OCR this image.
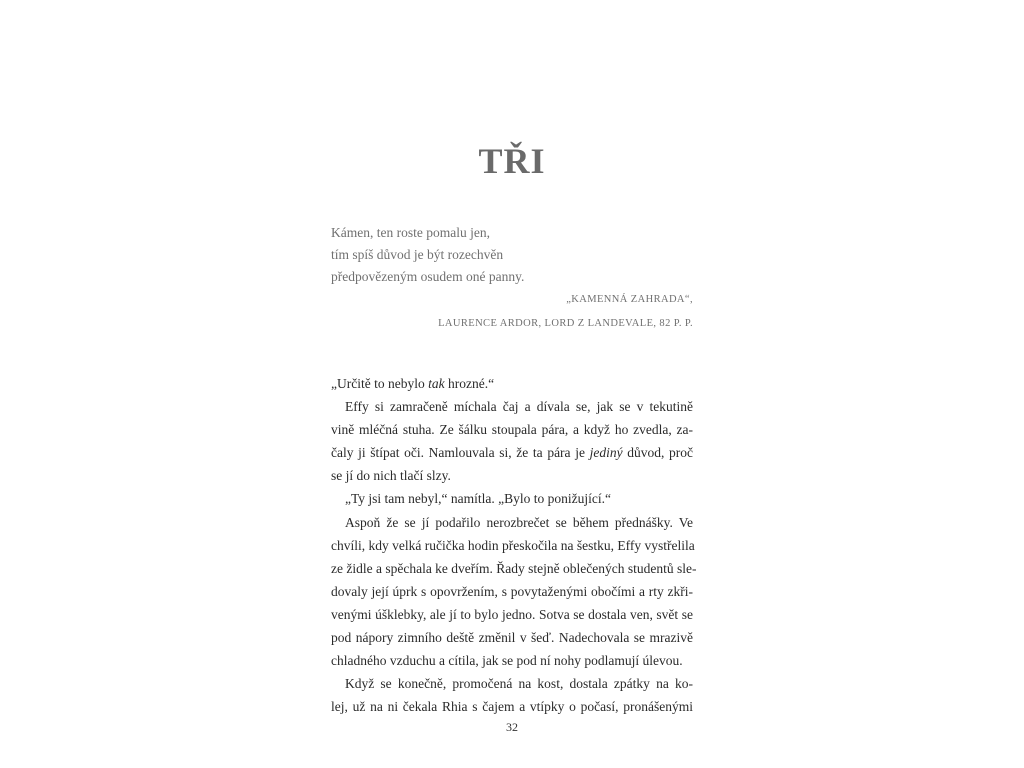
TŘI
Kámen, ten roste pomalu jen,
tím spíš důvod je být rozechvěn
předpovězeným osudem oné panny.
„KAMENNÁ ZAHRADA“,
LAURENCE ARDOR, LORD Z LANDEVALE, 82 P. P.
„Určitě to nebylo tak hrozné.“
Effy si zamračeně míchala čaj a dívala se, jak se v tekutině
vině mléčná stuha. Ze šálku stoupala pára, a když ho zvedla, za-
čaly ji štípat oči. Namlouvala si, že ta pára je jediný důvod, proč
se jí do nich tlačí slzy.
„Ty jsi tam nebyl,“ namítla. „Bylo to ponižující.“
Aspoň že se jí podařilo nerozbrečet se během přednášky. Ve
chvíli, kdy velká ručička hodin přeskočila na šestku, Effy vystřelila
ze židle a spěchala ke dveřím. Řady stejně oblečených studentů sle-
dovaly její úprk s opovržením, s povytaženými obočími a rty zkři-
venými úšklebky, ale jí to bylo jedno. Sotva se dostala ven, svět se
pod nápory zimního deště změnil v šeď. Nadechovala se mrazivě
chladného vzduchu a cítila, jak se pod ní nohy podlamují úlevou.
Když se konečně, promočená na kost, dostala zpátky na ko-
lej, už na ni čekala Rhia s čajem a vtípky o počasí, pronášenými
32
